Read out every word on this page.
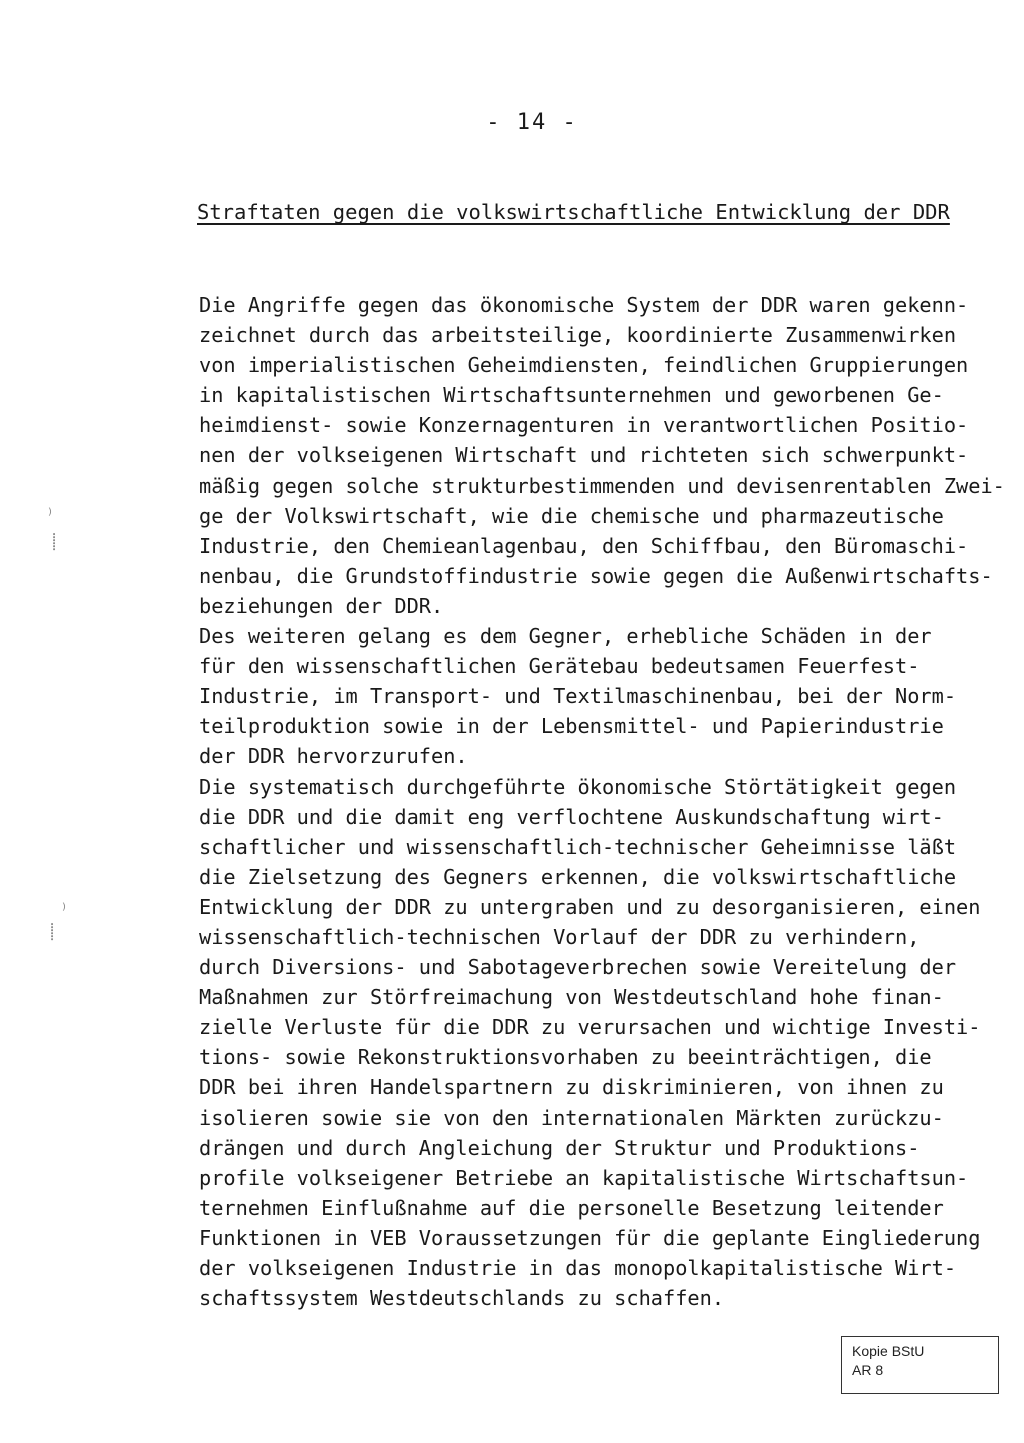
- 14 -
Straftaten gegen die volkswirtschaftliche Entwicklung der DDR
Die Angriffe gegen das ökonomische System der DDR waren gekenn-
zeichnet durch das arbeitsteilige, koordinierte Zusammenwirken
von imperialistischen Geheimdiensten, feindlichen Gruppierungen
in kapitalistischen Wirtschaftsunternehmen und geworbenen Ge-
heimdienst- sowie Konzernagenturen in verantwortlichen Positio-
nen der volkseigenen Wirtschaft und richteten sich schwerpunkt-
mäßig gegen solche strukturbestimmenden und devisenrentablen Zwei-
ge der Volkswirtschaft, wie die chemische und pharmazeutische
Industrie, den Chemieanlagenbau, den Schiffbau, den Büromaschi-
nenbau, die Grundstoffindustrie sowie gegen die Außenwirtschafts-
beziehungen der DDR.
Des weiteren gelang es dem Gegner, erhebliche Schäden in der
für den wissenschaftlichen Gerätebau bedeutsamen Feuerfest-
Industrie, im Transport- und Textilmaschinenbau, bei der Norm-
teilproduktion sowie in der Lebensmittel- und Papierindustrie
der DDR hervorzurufen.
Die systematisch durchgeführte ökonomische Störtätigkeit gegen
die DDR und die damit eng verflochtene Auskundschaftung wirt-
schaftlicher und wissenschaftlich-technischer Geheimnisse läßt
die Zielsetzung des Gegners erkennen, die volkswirtschaftliche
Entwicklung der DDR zu untergraben und zu desorganisieren, einen
wissenschaftlich-technischen Vorlauf der DDR zu verhindern,
durch Diversions- und Sabotageverbrechen sowie Vereitelung der
Maßnahmen zur Störfreimachung von Westdeutschland hohe finan-
zielle Verluste für die DDR zu verursachen und wichtige Investi-
tions- sowie Rekonstruktionsvorhaben zu beeinträchtigen, die
DDR bei ihren Handelspartnern zu diskriminieren, von ihnen zu
isolieren sowie sie von den internationalen Märkten zurückzu-
drängen und durch Angleichung der Struktur und Produktions-
profile volkseigener Betriebe an kapitalistische Wirtschaftsun-
ternehmen Einflußnahme auf die personelle Besetzung leitender
Funktionen in VEB Voraussetzungen für die geplante Eingliederung
der volkseigenen Industrie in das monopolkapitalistische Wirt-
schaftssystem Westdeutschlands zu schaffen.
⁾
⸽
⁾
⸽
Kopie BStU
AR 8
